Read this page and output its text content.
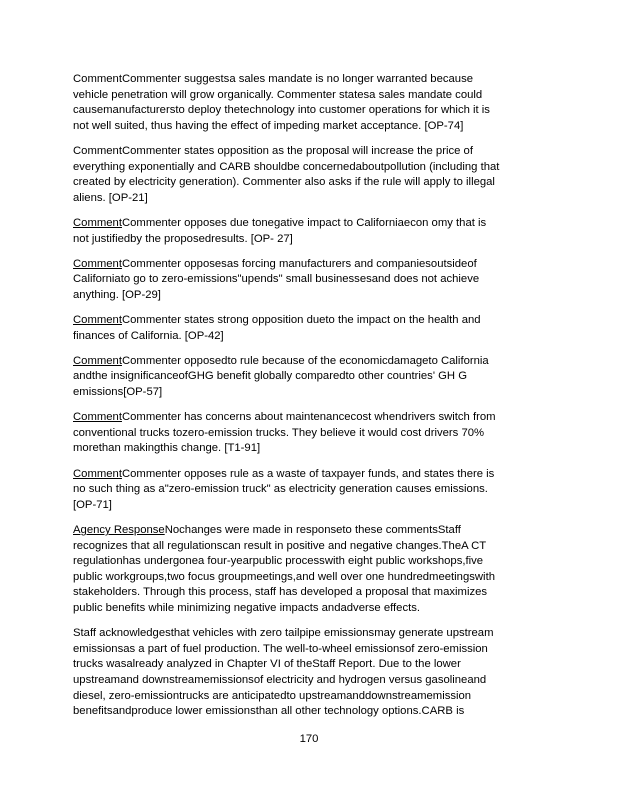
CommentCommenter suggestsa sales mandate is no longer warranted because
vehicle penetration will grow organically. Commenter statesa sales mandate could
causemanufacturersto deploy thetechnology into customer operations for which it is
not well suited, thus having the effect of impeding market acceptance. [OP-74]

CommentCommenter states opposition as the proposal will increase the price of
everything exponentially and CARB shouldbe concernedaboutpollution (including that
created by electricity generation). Commenter also asks if the rule will apply to illegal
aliens. [OP-21]

CommentCommenter opposes due tonegative impact to Californiaecon omy that is
not justifiedby the proposedresults. [OP- 27]

CommentCommenter opposesas forcing manufacturers and companiesoutsideof
Californiato go to zero-emissions"upends" small businessesand does not achieve
anything. [OP-29]

CommentCommenter states strong opposition dueto the impact on the health and
finances of California. [OP-42]

CommentCommenter opposedto rule because of the economicdamageto California
andthe insignificanceofGHG benefit globally comparedto other countries' GH G
emissions[OP-57]

CommentCommenter has concerns about maintenancecost whendrivers switch from
conventional trucks tozero-emission trucks. They believe it would cost drivers 70%
morethan makingthis change. [T1-91]

CommentCommenter opposes rule as a waste of taxpayer funds, and states there is
no such thing as a"zero-emission truck" as electricity generation causes emissions.
[OP-71]

Agency ResponseNochanges were made in responseto these commentsStaff
recognizes that all regulationscan result in positive and negative changes.TheA CT
regulationhas undergonea four-yearpublic processwith eight public workshops,five
public workgroups,two focus groupmeetings,and well over one hundredmeetingswith
stakeholders. Through this process, staff has developed a proposal that maximizes
public benefits while minimizing negative impacts andadverse effects.

Staff acknowledgesthat vehicles with zero tailpipe emissionsmay generate upstream
emissionsas a part of fuel production. The well-to-wheel emissionsof zero-emission
trucks wasalready analyzed in Chapter VI of theStaff Report. Due to the lower
upstreamand downstreamemissionsof electricity and hydrogen versus gasolineand
diesel, zero-emissiontrucks are anticipatedto upstreamanddownstreamemission
benefitsandproduce lower emissionsthan all other technology options.CARB is

170
